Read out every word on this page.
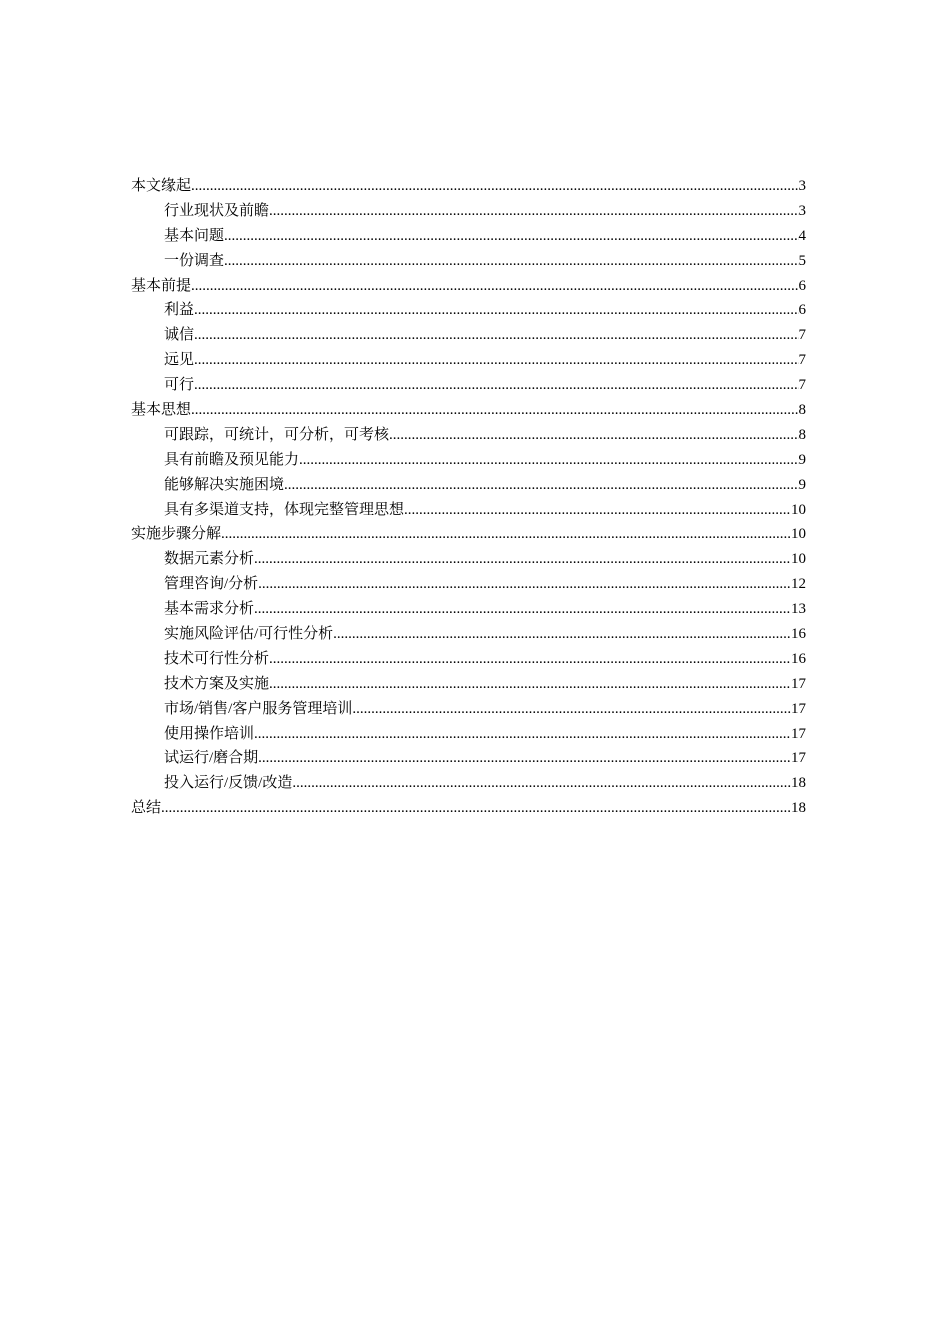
本文缘起 .....	3
行业现状及前瞻 .....	3
基本问题 .....	4
一份调查 .....	5
基本前提 .....	6
利益 .....	6
诚信 .....	7
远见 .....	7
可行 .....	7
基本思想 .....	8
可跟踪，可统计，可分析，可考核 .....	8
具有前瞻及预见能力 .....	9
能够解决实施困境 .....	9
具有多渠道支持，体现完整管理思想 .....	10
实施步骤分解 .....	10
数据元素分析 .....	10
管理咨询/分析 .....	12
基本需求分析 .....	13
实施风险评估/可行性分析 .....	16
技术可行性分析 .....	16
技术方案及实施 .....	17
市场/销售/客户服务管理培训 .....	17
使用操作培训 .....	17
试运行/磨合期 .....	17
投入运行/反馈/改造 .....	18
总结 .....	18
